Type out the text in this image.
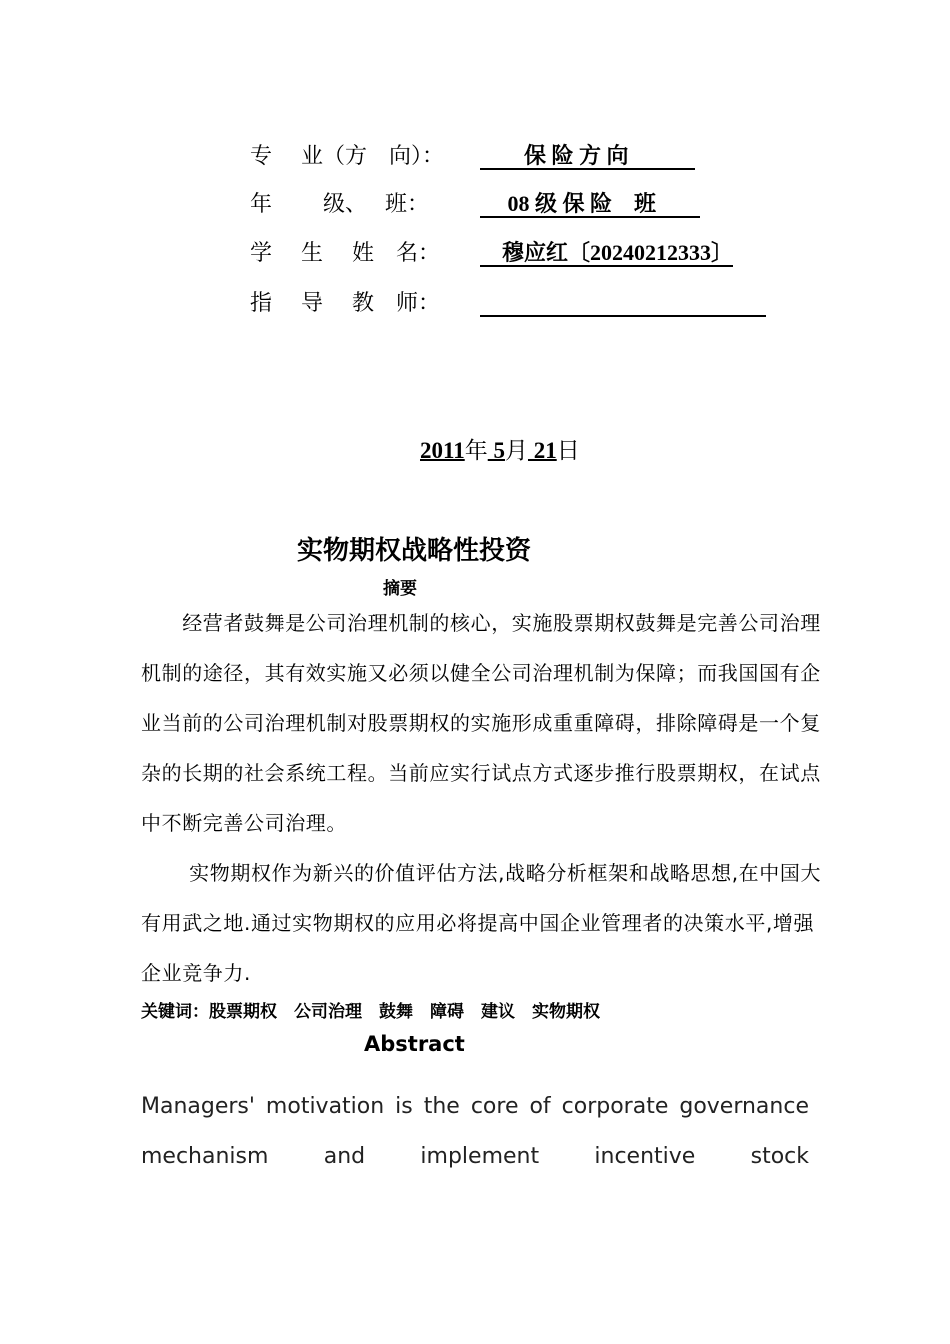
专　 业（方　向）：	　　保 险 方 向　　　
年　　 级、　 班：	　 08 级 保 险　班　　
学　 生　 姓　名：	　穆应红〔20240212333〕
指　 导　 教　师：

2011年 5月 21日
实物期权战略性投资
摘要
　　经营者鼓舞是公司治理机制的核心，实施股票期权鼓舞是完善公司治理机制的途径，其有效实施又必须以健全公司治理机制为保障；而我国国有企业当前的公司治理机制对股票期权的实施形成重重障碍，排除障碍是一个复杂的长期的社会系统工程。当前应实行试点方式逐步推行股票期权，在试点中不断完善公司治理。
　　 实物期权作为新兴的价值评估方法,战略分析框架和战略思想,在中国大有用武之地.通过实物期权的应用必将提高中国企业管理者的决策水平,增强企业竞争力.
关键词：股票期权　公司治理　鼓舞　障碍　建议　实物期权
Abstract
Managers' motivation is the core of corporate governance mechanism and implement incentive stock
